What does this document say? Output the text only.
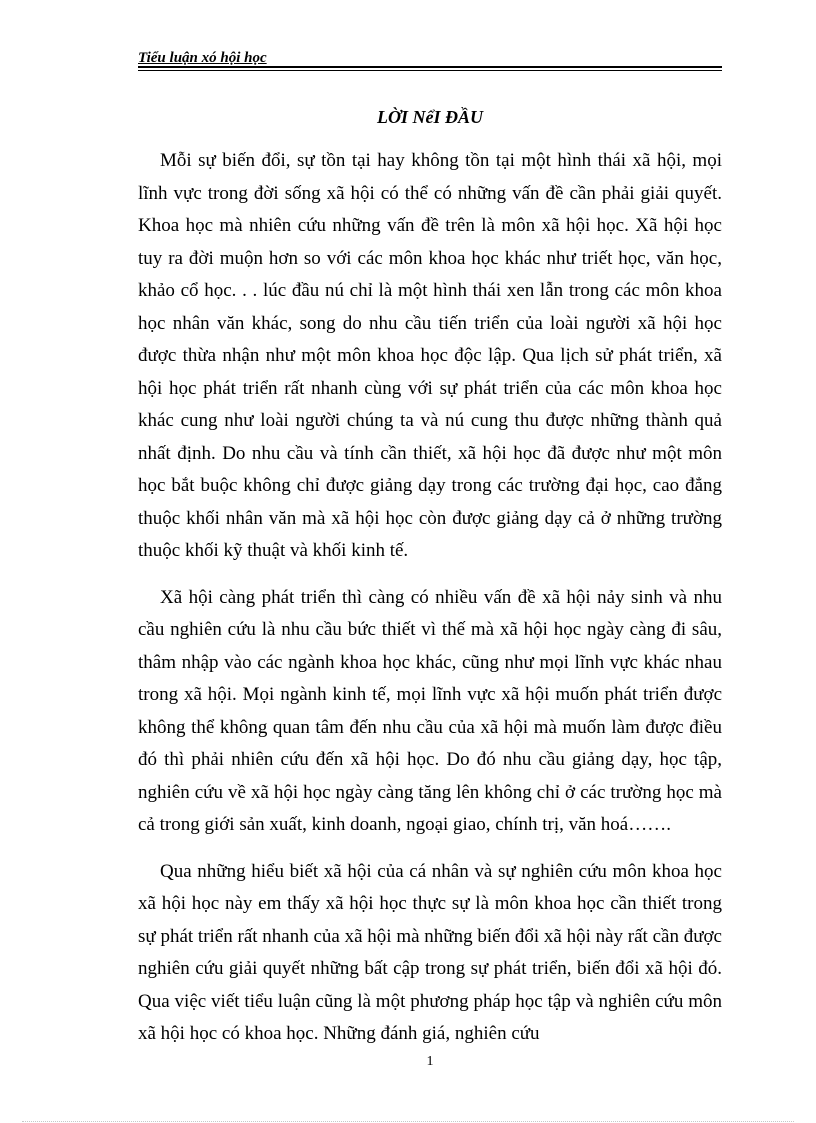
Tiểu luận xó hội học
LỜI NểI ĐẦU

Mỗi sự biến đổi, sự tồn tại hay không tồn tại một hình thái xã hội, mọi lĩnh vực trong đời sống xã hội có thể có những vấn đề cần phải giải quyết. Khoa học mà nhiên cứu những vấn đề trên là môn xã hội học. Xã hội học tuy ra đời muộn hơn so với các môn khoa học khác như triết học, văn học, khảo cổ học. . . lúc đầu nú chỉ là một hình thái xen lẫn trong các môn khoa học nhân văn khác, song do nhu cầu tiến triển của loài người xã hội học được thừa nhận như một môn khoa học độc lập. Qua lịch sử phát triển, xã hội học phát triển rất nhanh cùng với sự phát triển của các môn khoa học khác cung như loài người chúng ta và nú cung thu được những thành quả nhất định. Do nhu cầu và tính cần thiết, xã hội học đã được như một môn học bắt buộc không chỉ được giảng dạy trong các trường đại học, cao đẳng thuộc khối nhân văn mà xã hội học còn được giảng dạy cả ở những trường thuộc khối kỹ thuật và khối kinh tế.

Xã hội càng phát triển thì càng có nhiều vấn đề xã hội nảy sinh và nhu cầu nghiên cứu là nhu cầu bức thiết vì thế mà xã hội học ngày càng đi sâu, thâm nhập vào các ngành khoa học khác, cũng như mọi lĩnh vực khác nhau trong xã hội. Mọi ngành kinh tế, mọi lĩnh vực xã hội muốn phát triển được không thể không quan tâm đến nhu cầu của xã hội mà muốn làm được điều đó thì phải nhiên cứu đến xã hội học. Do đó nhu cầu giảng dạy, học tập, nghiên cứu về xã hội học ngày càng tăng lên không chỉ ở các trường học mà cả trong giới sản xuất, kinh doanh, ngoại giao, chính trị, văn hoá…….

Qua những hiểu biết xã hội của cá nhân và sự nghiên cứu môn khoa học xã hội học này em thấy xã hội học thực sự là môn khoa học cần thiết trong sự phát triển rất nhanh của xã hội mà những biến đổi xã hội này rất cần được nghiên cứu giải quyết những bất cập trong sự phát triển, biến đổi xã hội đó. Qua việc viết tiểu luận cũng là một phương pháp học tập và nghiên cứu môn xã hội học có khoa học. Những đánh giá, nghiên cứu

1
